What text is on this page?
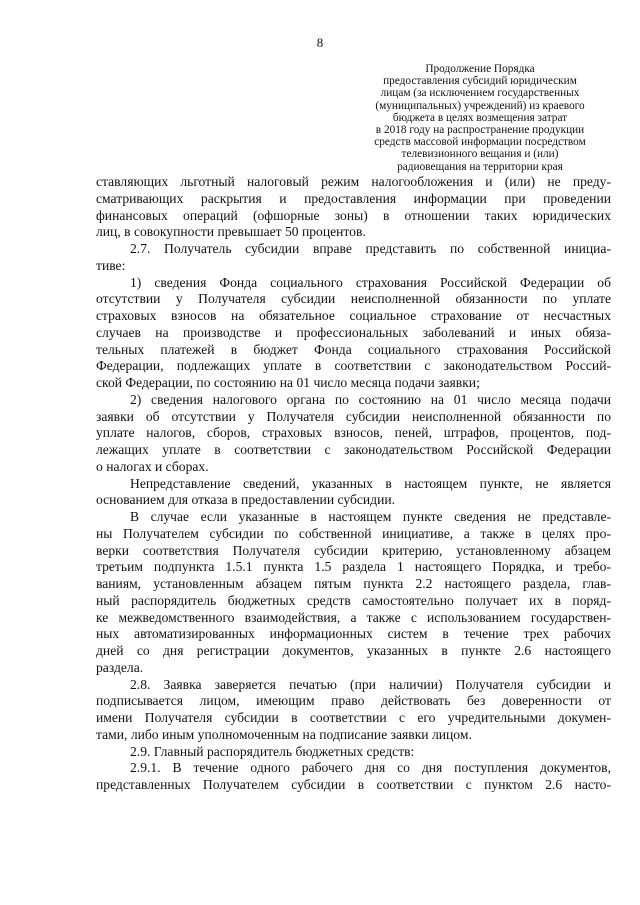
8
Продолжение Порядка
предоставления субсидий юридическим
лицам (за исключением государственных
(муниципальных) учреждений) из краевого
бюджета в целях возмещения затрат
в 2018 году на распространение продукции
средств массовой информации посредством
телевизионного вещания и (или)
радиовещания на территории края
ставляющих льготный налоговый режим налогообложения и (или) не преду-
сматривающих раскрытия и предоставления информации при проведении
финансовых операций (офшорные зоны) в отношении таких юридических
лиц, в совокупности превышает 50 процентов.
2.7. Получатель субсидии вправе представить по собственной инициа-
тиве:
1) сведения Фонда социального страхования Российской Федерации об
отсутствии у Получателя субсидии неисполненной обязанности по уплате
страховых взносов на обязательное социальное страхование от несчастных
случаев на производстве и профессиональных заболеваний и иных обяза-
тельных платежей в бюджет Фонда социального страхования Российской
Федерации, подлежащих уплате в соответствии с законодательством Россий-
ской Федерации, по состоянию на 01 число месяца подачи заявки;
2) сведения налогового органа по состоянию на 01 число месяца подачи
заявки об отсутствии у Получателя субсидии неисполненной обязанности по
уплате налогов, сборов, страховых взносов, пеней, штрафов, процентов, под-
лежащих уплате в соответствии с законодательством Российской Федерации
о налогах и сборах.
Непредставление сведений, указанных в настоящем пункте, не является
основанием для отказа в предоставлении субсидии.
В случае если указанные в настоящем пункте сведения не представле-
ны Получателем субсидии по собственной инициативе, а также в целях про-
верки соответствия Получателя субсидии критерию, установленному абзацем
третьим подпункта 1.5.1 пункта 1.5 раздела 1 настоящего Порядка, и требо-
ваниям, установленным абзацем пятым пункта 2.2 настоящего раздела, глав-
ный распорядитель бюджетных средств самостоятельно получает их в поряд-
ке межведомственного взаимодействия, а также с использованием государствен-
ных автоматизированных информационных систем в течение трех рабочих
дней со дня регистрации документов, указанных в пункте 2.6 настоящего
раздела.
2.8. Заявка заверяется печатью (при наличии) Получателя субсидии и
подписывается лицом, имеющим право действовать без доверенности от
имени Получателя субсидии в соответствии с его учредительными докумен-
тами, либо иным уполномоченным на подписание заявки лицом.
2.9. Главный распорядитель бюджетных средств:
2.9.1. В течение одного рабочего дня со дня поступления документов,
представленных Получателем субсидии в соответствии с пунктом 2.6 насто-
